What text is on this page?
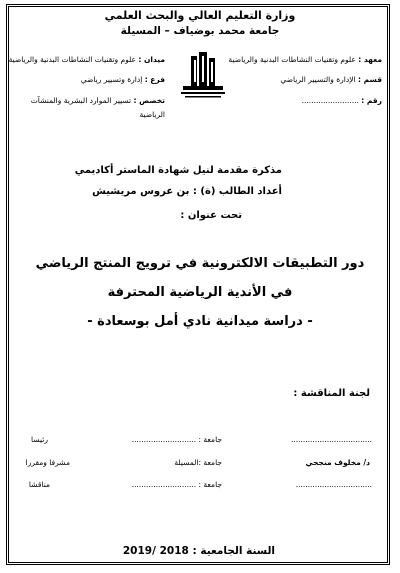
وزارة التعليم العالي والبحث العلمي
جامعة محمد بوضياف – المسيلة
معهد : علوم وتقنيات النشاطات البدنية والرياضية
قسم : الإدارة والتسيير الرياضي
رقم : ........................
ميدان : علوم وتقنيات النشاطات البدنية والرياضية
فرع : إدارة وتسيير رياضي
تخصص : تسيير الموارد البشرية والمنشآت
الرياضية
مذكرة مقدمة لنيل شهادة الماستر أكاديمي
أعداد الطالب (ة) : بن عروس مريشيش
تحت عنوان :
دور التطبيقات الالكترونية في ترويج المنتج الرياضي
في الأندية الرياضية المحترفة
- دراسة ميدانية نادي أمل بوسعادة -
لجنة المناقشة :
..................................
جامعة : ...........................
رئيسا
د/ مخلوف منجحي
جامعة :المسيلة
مشرفا ومقررا
................................
جامعة : ...........................
مناقشا
السنة الجامعية : 2018 /2019
